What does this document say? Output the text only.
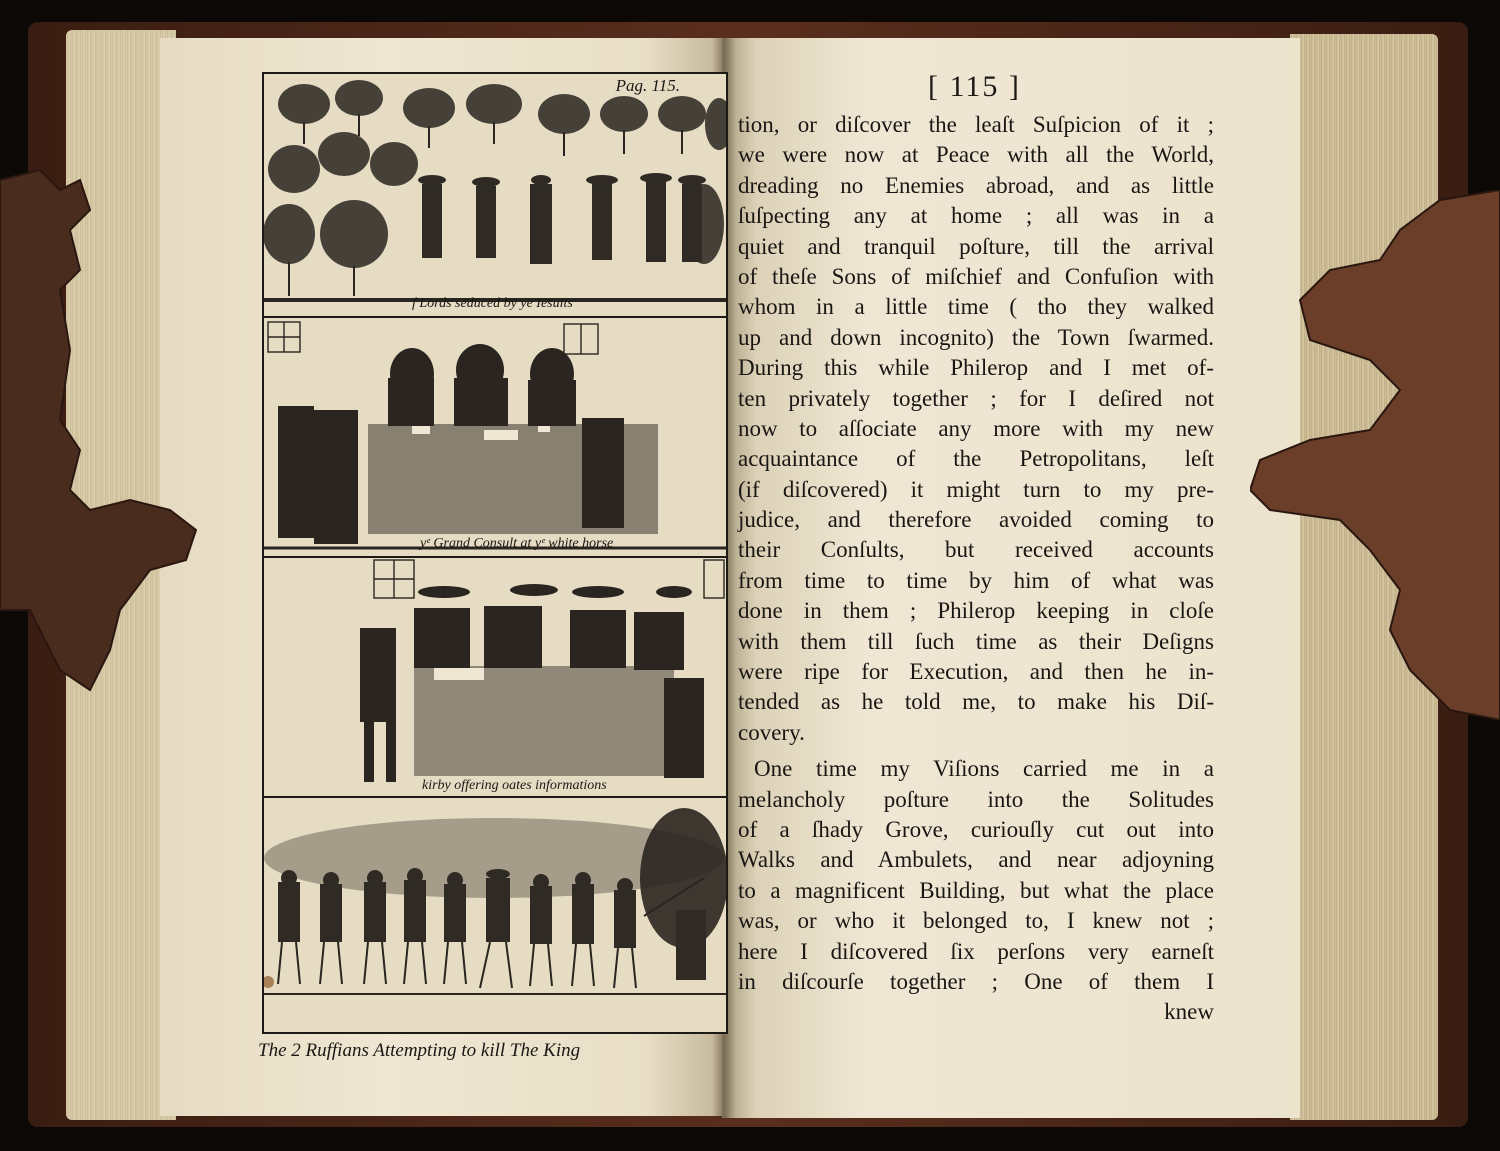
Pag. 115.
ſ Lords seduced by ye Iesuits
yᵉ Grand Consult at yᵉ white horse
kirby offering oates informations
The 2 Ruffians Attempting to kill The King
[ 115 ]
tion, or diſcover the leaſt Suſpicion of it ;
we were now at Peace with all the World,
dreading no Enemies abroad, and as little
ſuſpecting any at home ; all was in a
quiet and tranquil poſture, till the arrival
of theſe Sons of miſchief and Confuſion with
whom in a little time ( tho they walked
up and down incognito) the Town ſwarmed.
During this while Philerop and I met of-
ten privately together ; for I deſired not
now to aſſociate any more with my new
acquaintance of the Petropolitans, leſt
(if diſcovered) it might turn to my pre-
judice, and therefore avoided coming to
their Conſults, but received accounts
from time to time by him of what was
done in them ; Philerop keeping in cloſe
with them till ſuch time as their Deſigns
were ripe for Execution, and then he in-
tended as he told me, to make his Diſ-
covery.
One time my Viſions carried me in a
melancholy poſture into the Solitudes
of a ſhady Grove, curiouſly cut out into
Walks and Ambulets, and near adjoyning
to a magnificent Building, but what the place
was, or who it belonged to, I knew not ;
here I diſcovered ſix perſons very earneſt
in diſcourſe together ; One of them I
knew
